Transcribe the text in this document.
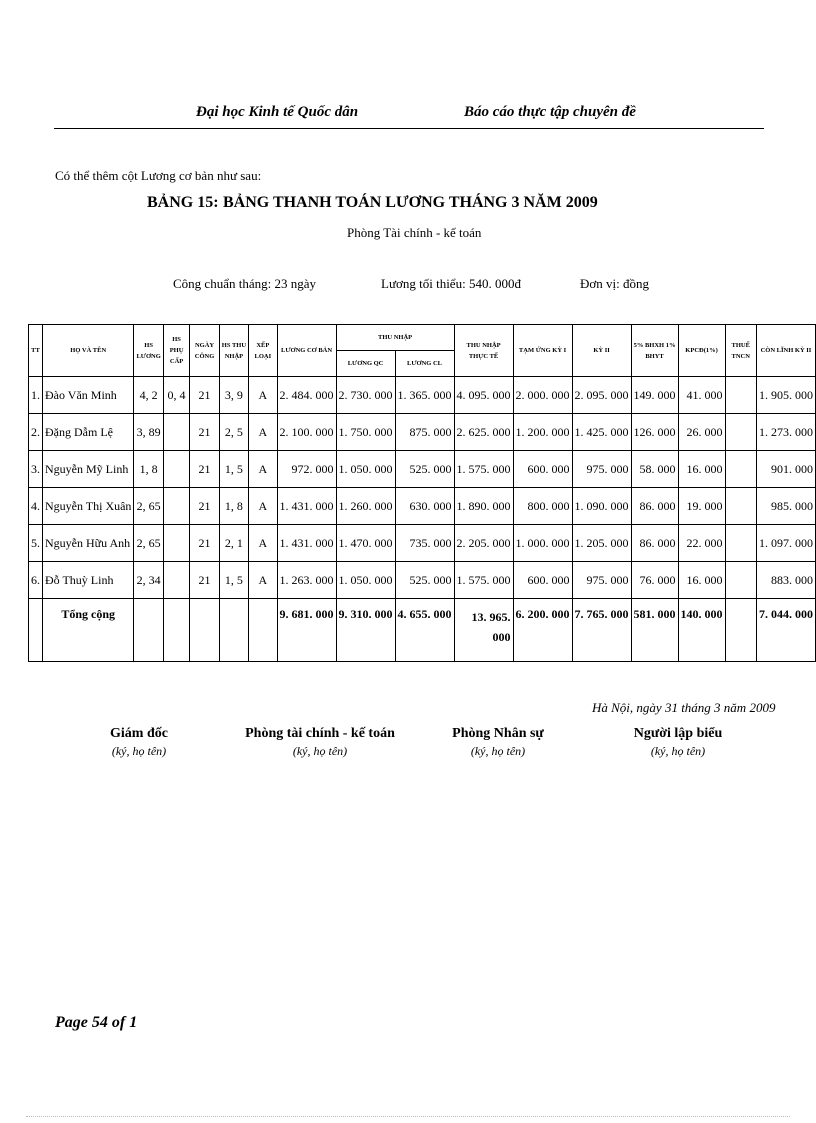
Đại học Kinh tế Quốc dân	Báo cáo thực tập chuyên đề
Có thể thêm cột Lương cơ bản như sau:
BẢNG 15: BẢNG THANH TOÁN LƯƠNG THÁNG 3 NĂM 2009
Phòng Tài chính - kế toán
Công chuẩn tháng: 23 ngày	Lương tối thiểu: 540. 000đ	Đơn vị: đồng
TT	HỌ VÀ TÊN	HS LƯƠNG	HS PHỤ CẤP	NGÀY CÔNG	HS THU NHẬP	XẾP LOẠI	LƯƠNG CƠ BẢN	THU NHẬP		THU NHẬP THỰC TẾ	TẠM ỨNG KỲ I	KỲ II	5% BHXH 1% BHYT	KPCĐ(1%)	THUẾ TNCN	CÒN LĨNH KỲ II
								LƯƠNG QC	LƯƠNG CL							
1.	Đào Văn Minh	4, 2	0, 4	21	3, 9	A	2. 484. 000	2. 730. 000	1. 365. 000	4. 095. 000	2. 000. 000	2. 095. 000	149. 000	41. 000		1. 905. 000
2.	Đặng Dẫm Lệ	3, 89		21	2, 5	A	2. 100. 000	1. 750. 000	875. 000	2. 625. 000	1. 200. 000	1. 425. 000	126. 000	26. 000		1. 273. 000
3.	Nguyễn Mỹ Linh	1, 8		21	1, 5	A	972. 000	1. 050. 000	525. 000	1. 575. 000	600. 000	975. 000	58. 000	16. 000		901. 000
4.	Nguyễn Thị Xuân	2, 65		21	1, 8	A	1. 431. 000	1. 260. 000	630. 000	1. 890. 000	800. 000	1. 090. 000	86. 000	19. 000		985. 000
5.	Nguyễn Hữu Anh	2, 65		21	2, 1	A	1. 431. 000	1. 470. 000	735. 000	2. 205. 000	1. 000. 000	1. 205. 000	86. 000	22. 000		1. 097. 000
6.	Đỗ Thuỳ Linh	2, 34		21	1, 5	A	1. 263. 000	1. 050. 000	525. 000	1. 575. 000	600. 000	975. 000	76. 000	16. 000		883. 000
	Tổng cộng						9. 681. 000	9. 310. 000	4. 655. 000	13. 965.
000	6. 200. 000	7. 765. 000	581. 000	140. 000		7. 044. 000
Hà Nội, ngày 31 tháng 3 năm 2009
Giám đốc
(ký, họ tên)
Phòng tài chính - kế toán
(ký, họ tên)
Phòng Nhân sự
(ký, họ tên)
Người lập biểu
(ký, họ tên)
Page 54 of 1
